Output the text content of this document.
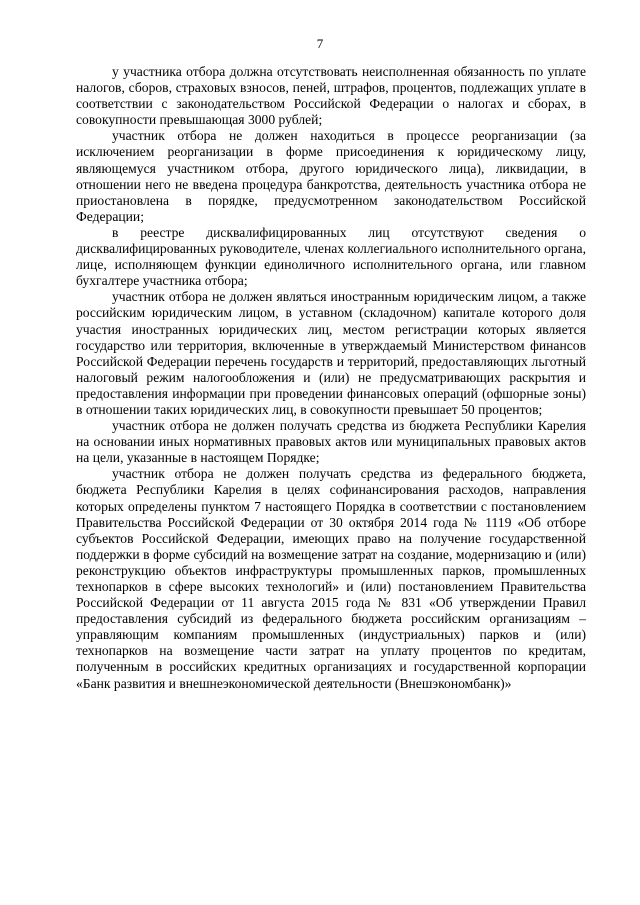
7

у участника отбора должна отсутствовать неисполненная обязанность по уплате налогов, сборов, страховых взносов, пеней, штрафов, процентов, подлежащих уплате в соответствии с законодательством Российской Федерации о налогах и сборах, в совокупности превышающая 3000 рублей;

участник отбора не должен находиться в процессе реорганизации (за исключением реорганизации в форме присоединения к юридическому лицу, являющемуся участником отбора, другого юридического лица), ликвидации, в отношении него не введена процедура банкротства, деятельность участника отбора не приостановлена в порядке, предусмотренном законодательством Российской Федерации;

в реестре дисквалифицированных лиц отсутствуют сведения о дисквалифицированных руководителе, членах коллегиального исполнительного органа, лице, исполняющем функции единоличного исполнительного органа, или главном бухгалтере участника отбора;

участник отбора не должен являться иностранным юридическим лицом, а также российским юридическим лицом, в уставном (складочном) капитале которого доля участия иностранных юридических лиц, местом регистрации которых является государство или территория, включенные в утверждаемый Министерством финансов Российской Федерации перечень государств и территорий, предоставляющих льготный налоговый режим налогообложения и (или) не предусматривающих раскрытия и предоставления информации при проведении финансовых операций (офшорные зоны) в отношении таких юридических лиц, в совокупности превышает 50 процентов;

участник отбора не должен получать средства из бюджета Республики Карелия на основании иных нормативных правовых актов или муниципальных правовых актов на цели, указанные в настоящем Порядке;

участник отбора не должен получать средства из федерального бюджета, бюджета Республики Карелия в целях софинансирования расходов, направления которых определены пунктом 7 настоящего Порядка в соответствии с постановлением Правительства Российской Федерации от 30 октября 2014 года № 1119 «Об отборе субъектов Российской Федерации, имеющих право на получение государственной поддержки в форме субсидий на возмещение затрат на создание, модернизацию и (или) реконструкцию объектов инфраструктуры промышленных парков, промышленных технопарков в сфере высоких технологий» и (или) постановлением Правительства Российской Федерации от 11 августа 2015 года № 831 «Об утверждении Правил предоставления субсидий из федерального бюджета российским организациям – управляющим компаниям промышленных (индустриальных) парков и (или) технопарков на возмещение части затрат на уплату процентов по кредитам, полученным в российских кредитных организациях и государственной корпорации «Банк развития и внешнеэкономической деятельности (Внешэкономбанк)»
